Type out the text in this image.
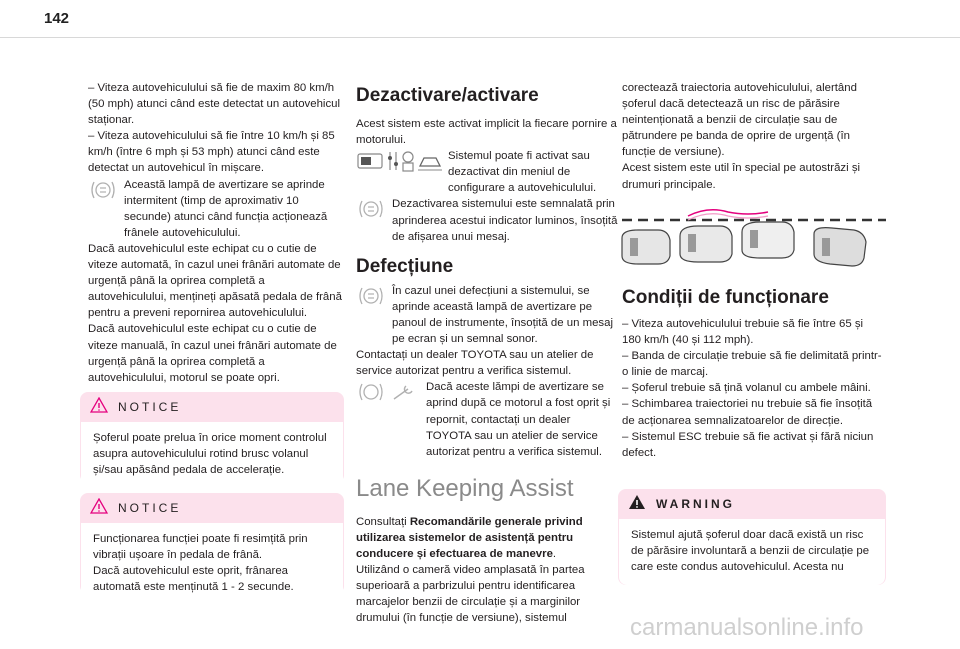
142

– Viteza autovehiculului să fie de maxim 80 km/h (50 mph) atunci când este detectat un autovehicul staționar.

– Viteza autovehiculului să fie între 10 km/h și 85 km/h (între 6 mph și 53 mph) atunci când este detectat un autovehicul în mișcare.

Această lampă de avertizare se aprinde intermitent (timp de aproximativ 10 secunde) atunci când funcția acționează frânele autovehiculului.

Dacă autovehiculul este echipat cu o cutie de viteze automată, în cazul unei frânări automate de urgență până la oprirea completă a autovehiculului, mențineți apăsată pedala de frână pentru a preveni repornirea autovehiculului.

Dacă autovehiculul este echipat cu o cutie de viteze manuală, în cazul unei frânări automate de urgență până la oprirea completă a autovehiculului, motorul se poate opri.

NOTICE

Șoferul poate prelua în orice moment controlul asupra autovehiculului rotind brusc volanul și/sau apăsând pedala de accelerație.

NOTICE

Funcționarea funcției poate fi resimțită prin vibrații ușoare în pedala de frână.
Dacă autovehiculul este oprit, frânarea automată este menținută 1 - 2 secunde.

Dezactivare/activare

Acest sistem este activat implicit la fiecare pornire a motorului.

Sistemul poate fi activat sau dezactivat din meniul de configurare a autovehiculului.

Dezactivarea sistemului este semnalată prin aprinderea acestui indicator luminos, însoțită de afișarea unui mesaj.

Defecțiune

În cazul unei defecțiuni a sistemului, se aprinde această lampă de avertizare pe panoul de instrumente, însoțită de un mesaj pe ecran și un semnal sonor.

Contactați un dealer TOYOTA sau un atelier de service autorizat pentru a verifica sistemul.

Dacă aceste lămpi de avertizare se aprind după ce motorul a fost oprit și repornit, contactați un dealer TOYOTA sau un atelier de service autorizat pentru a verifica sistemul.

Lane Keeping Assist

Consultați Recomandările generale privind utilizarea sistemelor de asistență pentru conducere și efectuarea de manevre.

Utilizând o cameră video amplasată în partea superioară a parbrizului pentru identificarea marcajelor benzii de circulație și a marginilor drumului (în funcție de versiune), sistemul

corectează traiectoria autovehiculului, alertând șoferul dacă detectează un risc de părăsire neintenționată a benzii de circulație sau de pătrundere pe banda de oprire de urgență (în funcție de versiune).

Acest sistem este util în special pe autostrăzi și drumuri principale.

Condiții de funcționare

– Viteza autovehiculului trebuie să fie între 65 și 180 km/h (40 și 112 mph).

– Banda de circulație trebuie să fie delimitată printr-o linie de marcaj.

– Șoferul trebuie să țină volanul cu ambele mâini.

– Schimbarea traiectoriei nu trebuie să fie însoțită de acționarea semnalizatoarelor de direcție.

– Sistemul ESC trebuie să fie activat și fără niciun defect.

WARNING

Sistemul ajută șoferul doar dacă există un risc de părăsire involuntară a benzii de circulație pe care este condus autovehiculul. Acesta nu

carmanualsonline.info
